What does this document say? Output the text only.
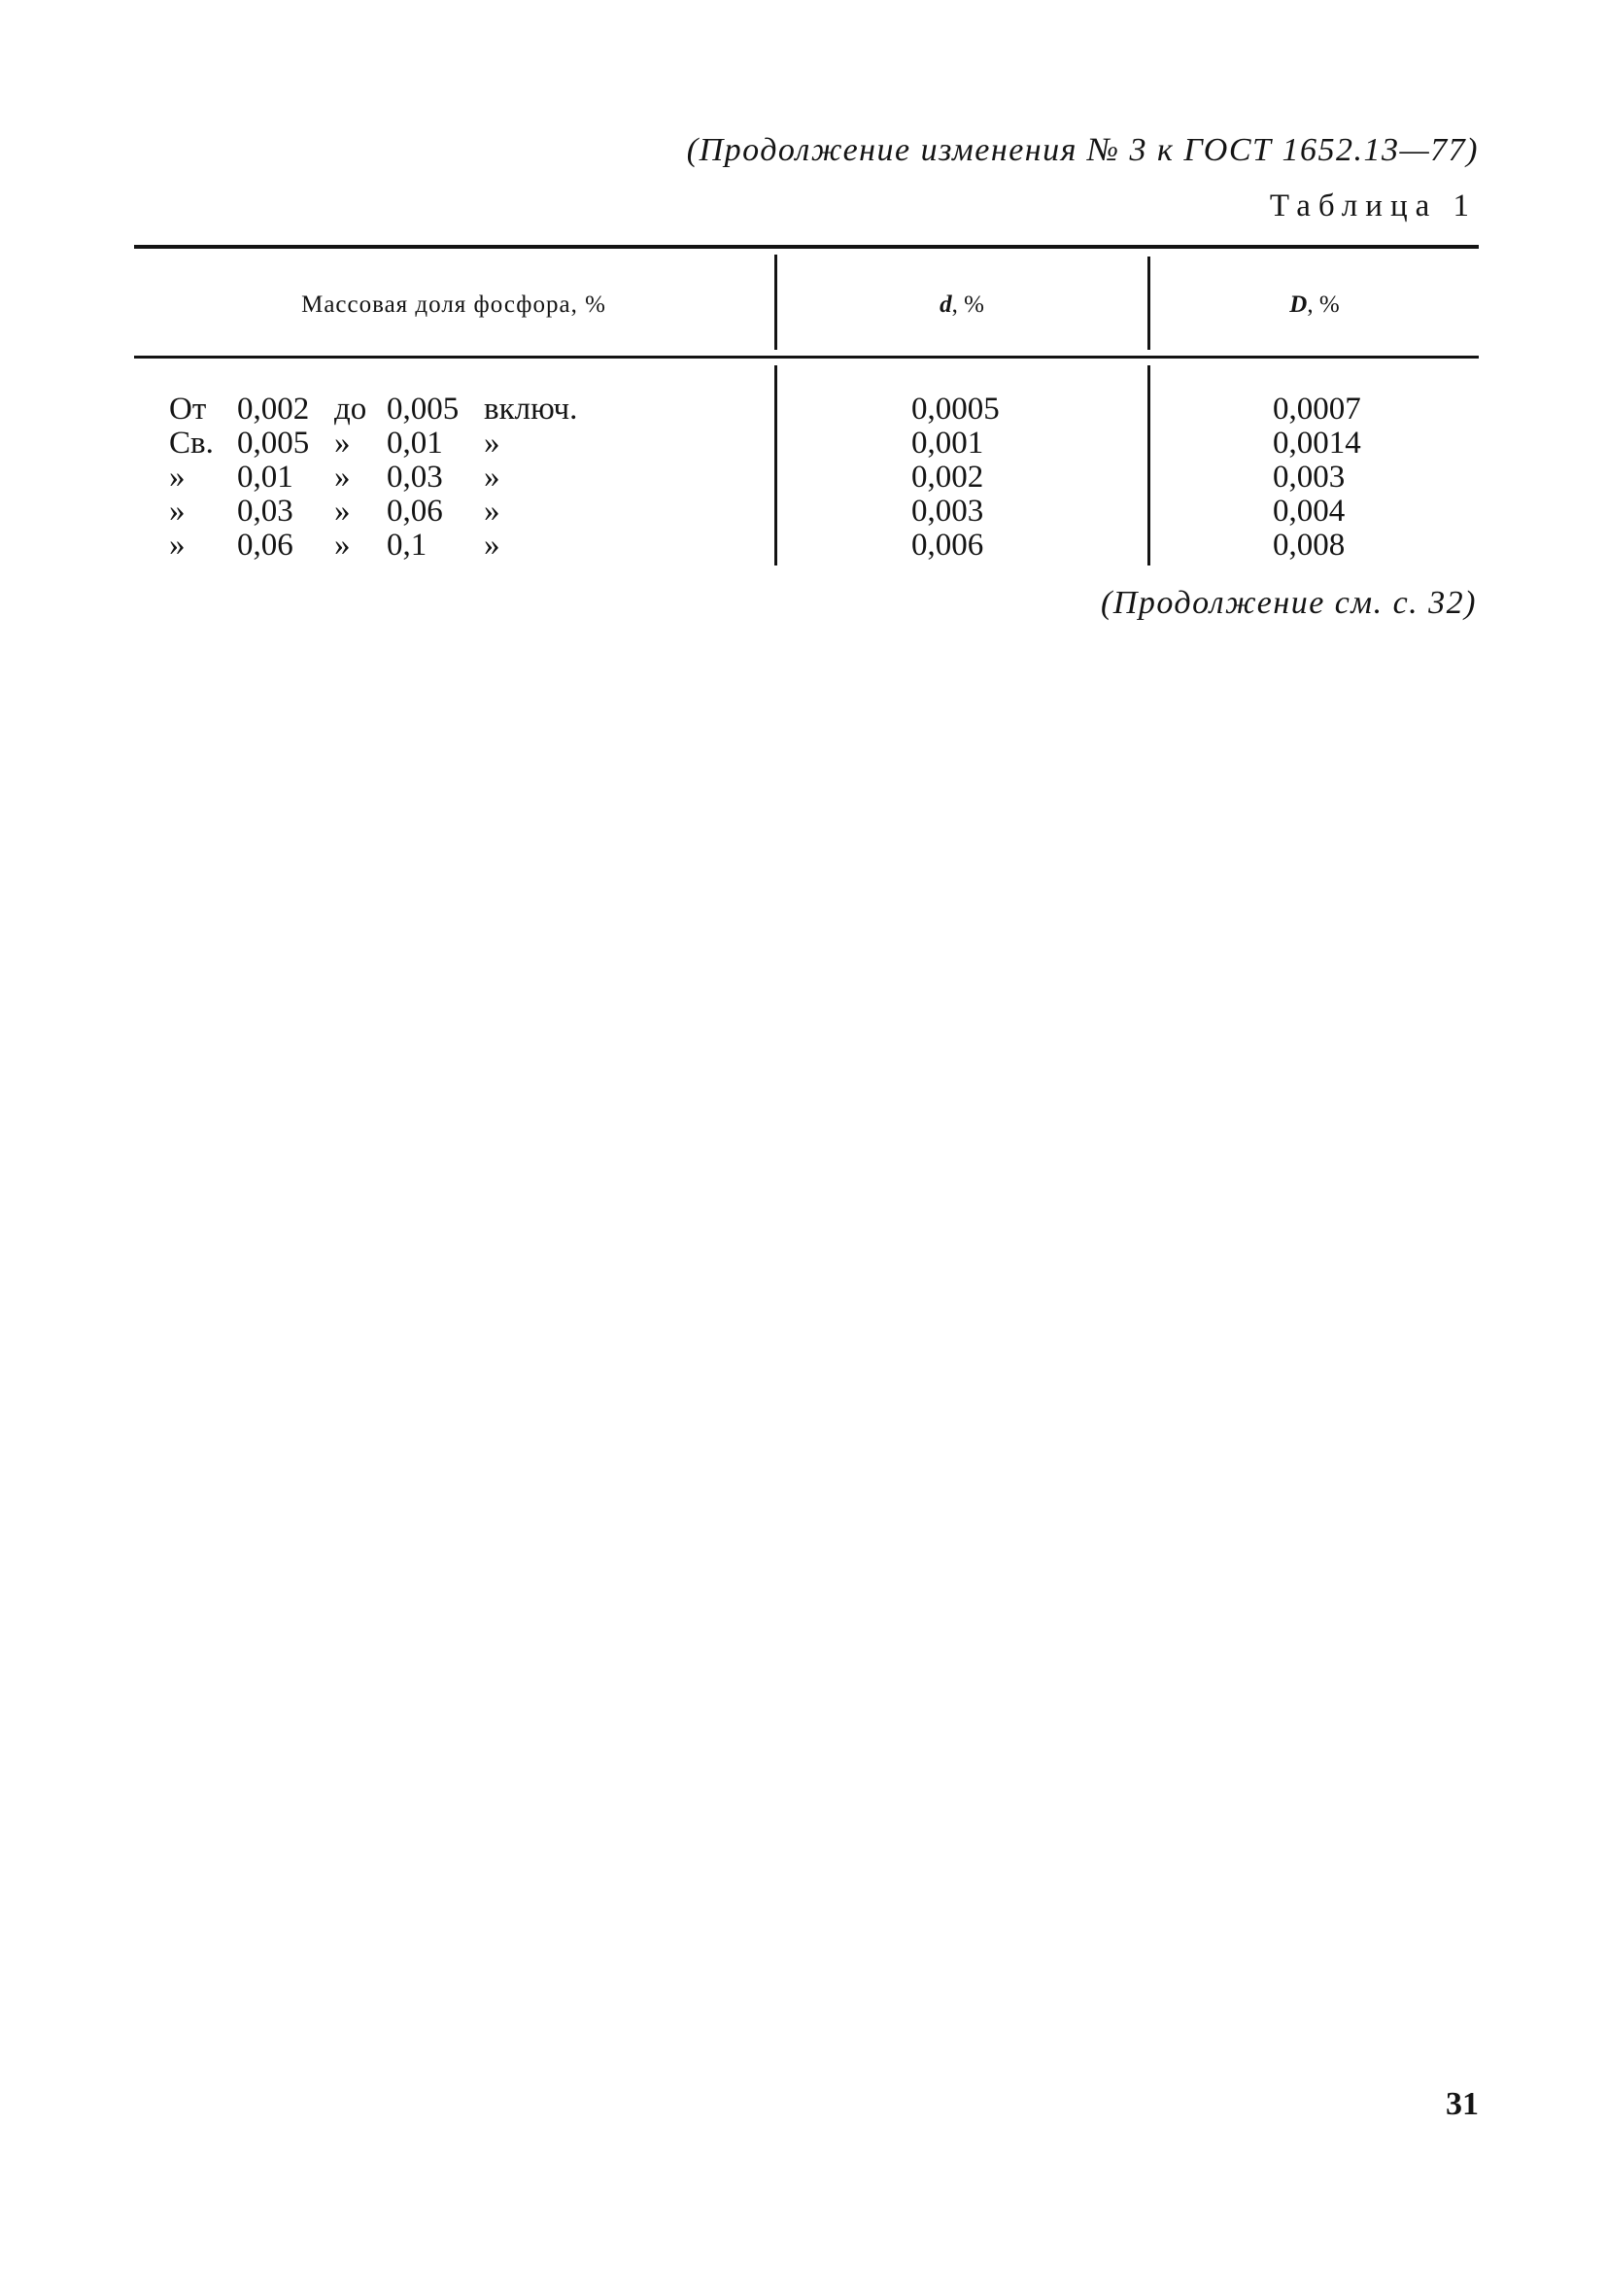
(Продолжение изменения № 3 к ГОСТ 1652.13—77)
Таблица 1
Массовая доля фосфора, %	d, %	D, %
От 0,002 до 0,005 включ.	0,0005	0,0007
Св. 0,005 » 0,01 »	0,001	0,0014
» 0,01 » 0,03 »	0,002	0,003
» 0,03 » 0,06 »	0,003	0,004
» 0,06 » 0,1 »	0,006	0,008
(Продолжение см. с. 32)
31
